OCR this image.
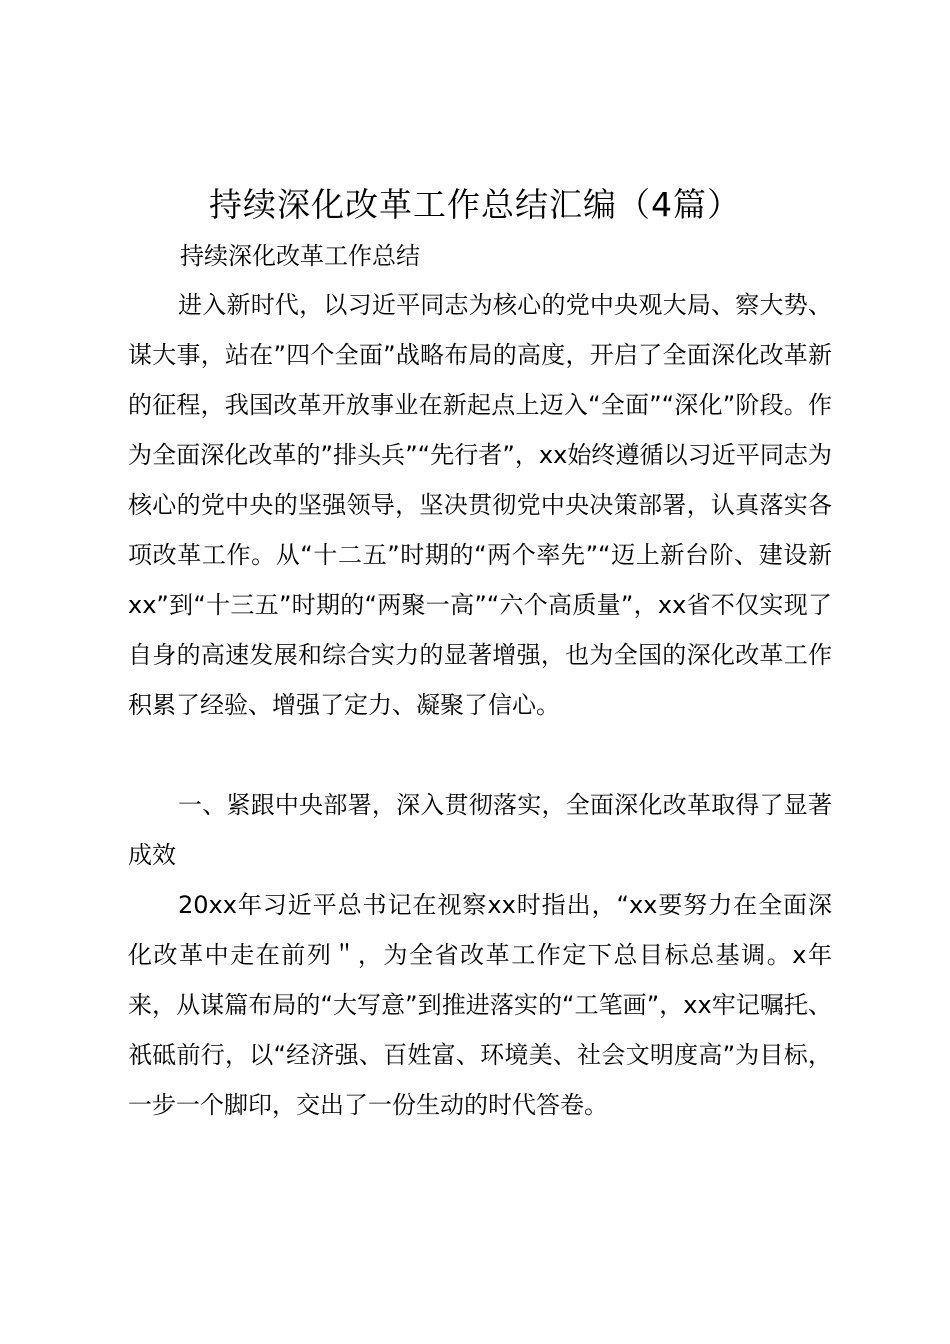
持续深化改革工作总结汇编（4篇）
持续深化改革工作总结

进入新时代，以习近平同志为核心的党中央观大局、察大势、谋大事，站在”四个全面”战略布局的高度，开启了全面深化改革新的征程，我国改革开放事业在新起点上迈入“全面”“深化”阶段。作为全面深化改革的”排头兵”“先行者”，xx始终遵循以习近平同志为核心的党中央的坚强领导，坚决贯彻党中央决策部署，认真落实各项改革工作。从“十二五”时期的“两个率先”“迈上新台阶、建设新xx”到“十三五”时期的“两聚一高”“六个高质量”，xx省不仅实现了自身的高速发展和综合实力的显著增强，也为全国的深化改革工作积累了经验、增强了定力、凝聚了信心。

一、紧跟中央部署，深入贯彻落实，全面深化改革取得了显著成效

20xx年习近平总书记在视察xx时指出，“xx要努力在全面深化改革中走在前列＂，为全省改革工作定下总目标总基调。x年来，从谋篇布局的“大写意”到推进落实的“工笔画”，xx牢记嘱托、祇砥前行，以“经济强、百姓富、环境美、社会文明度高”为目标，一步一个脚印，交出了一份生动的时代答卷。
